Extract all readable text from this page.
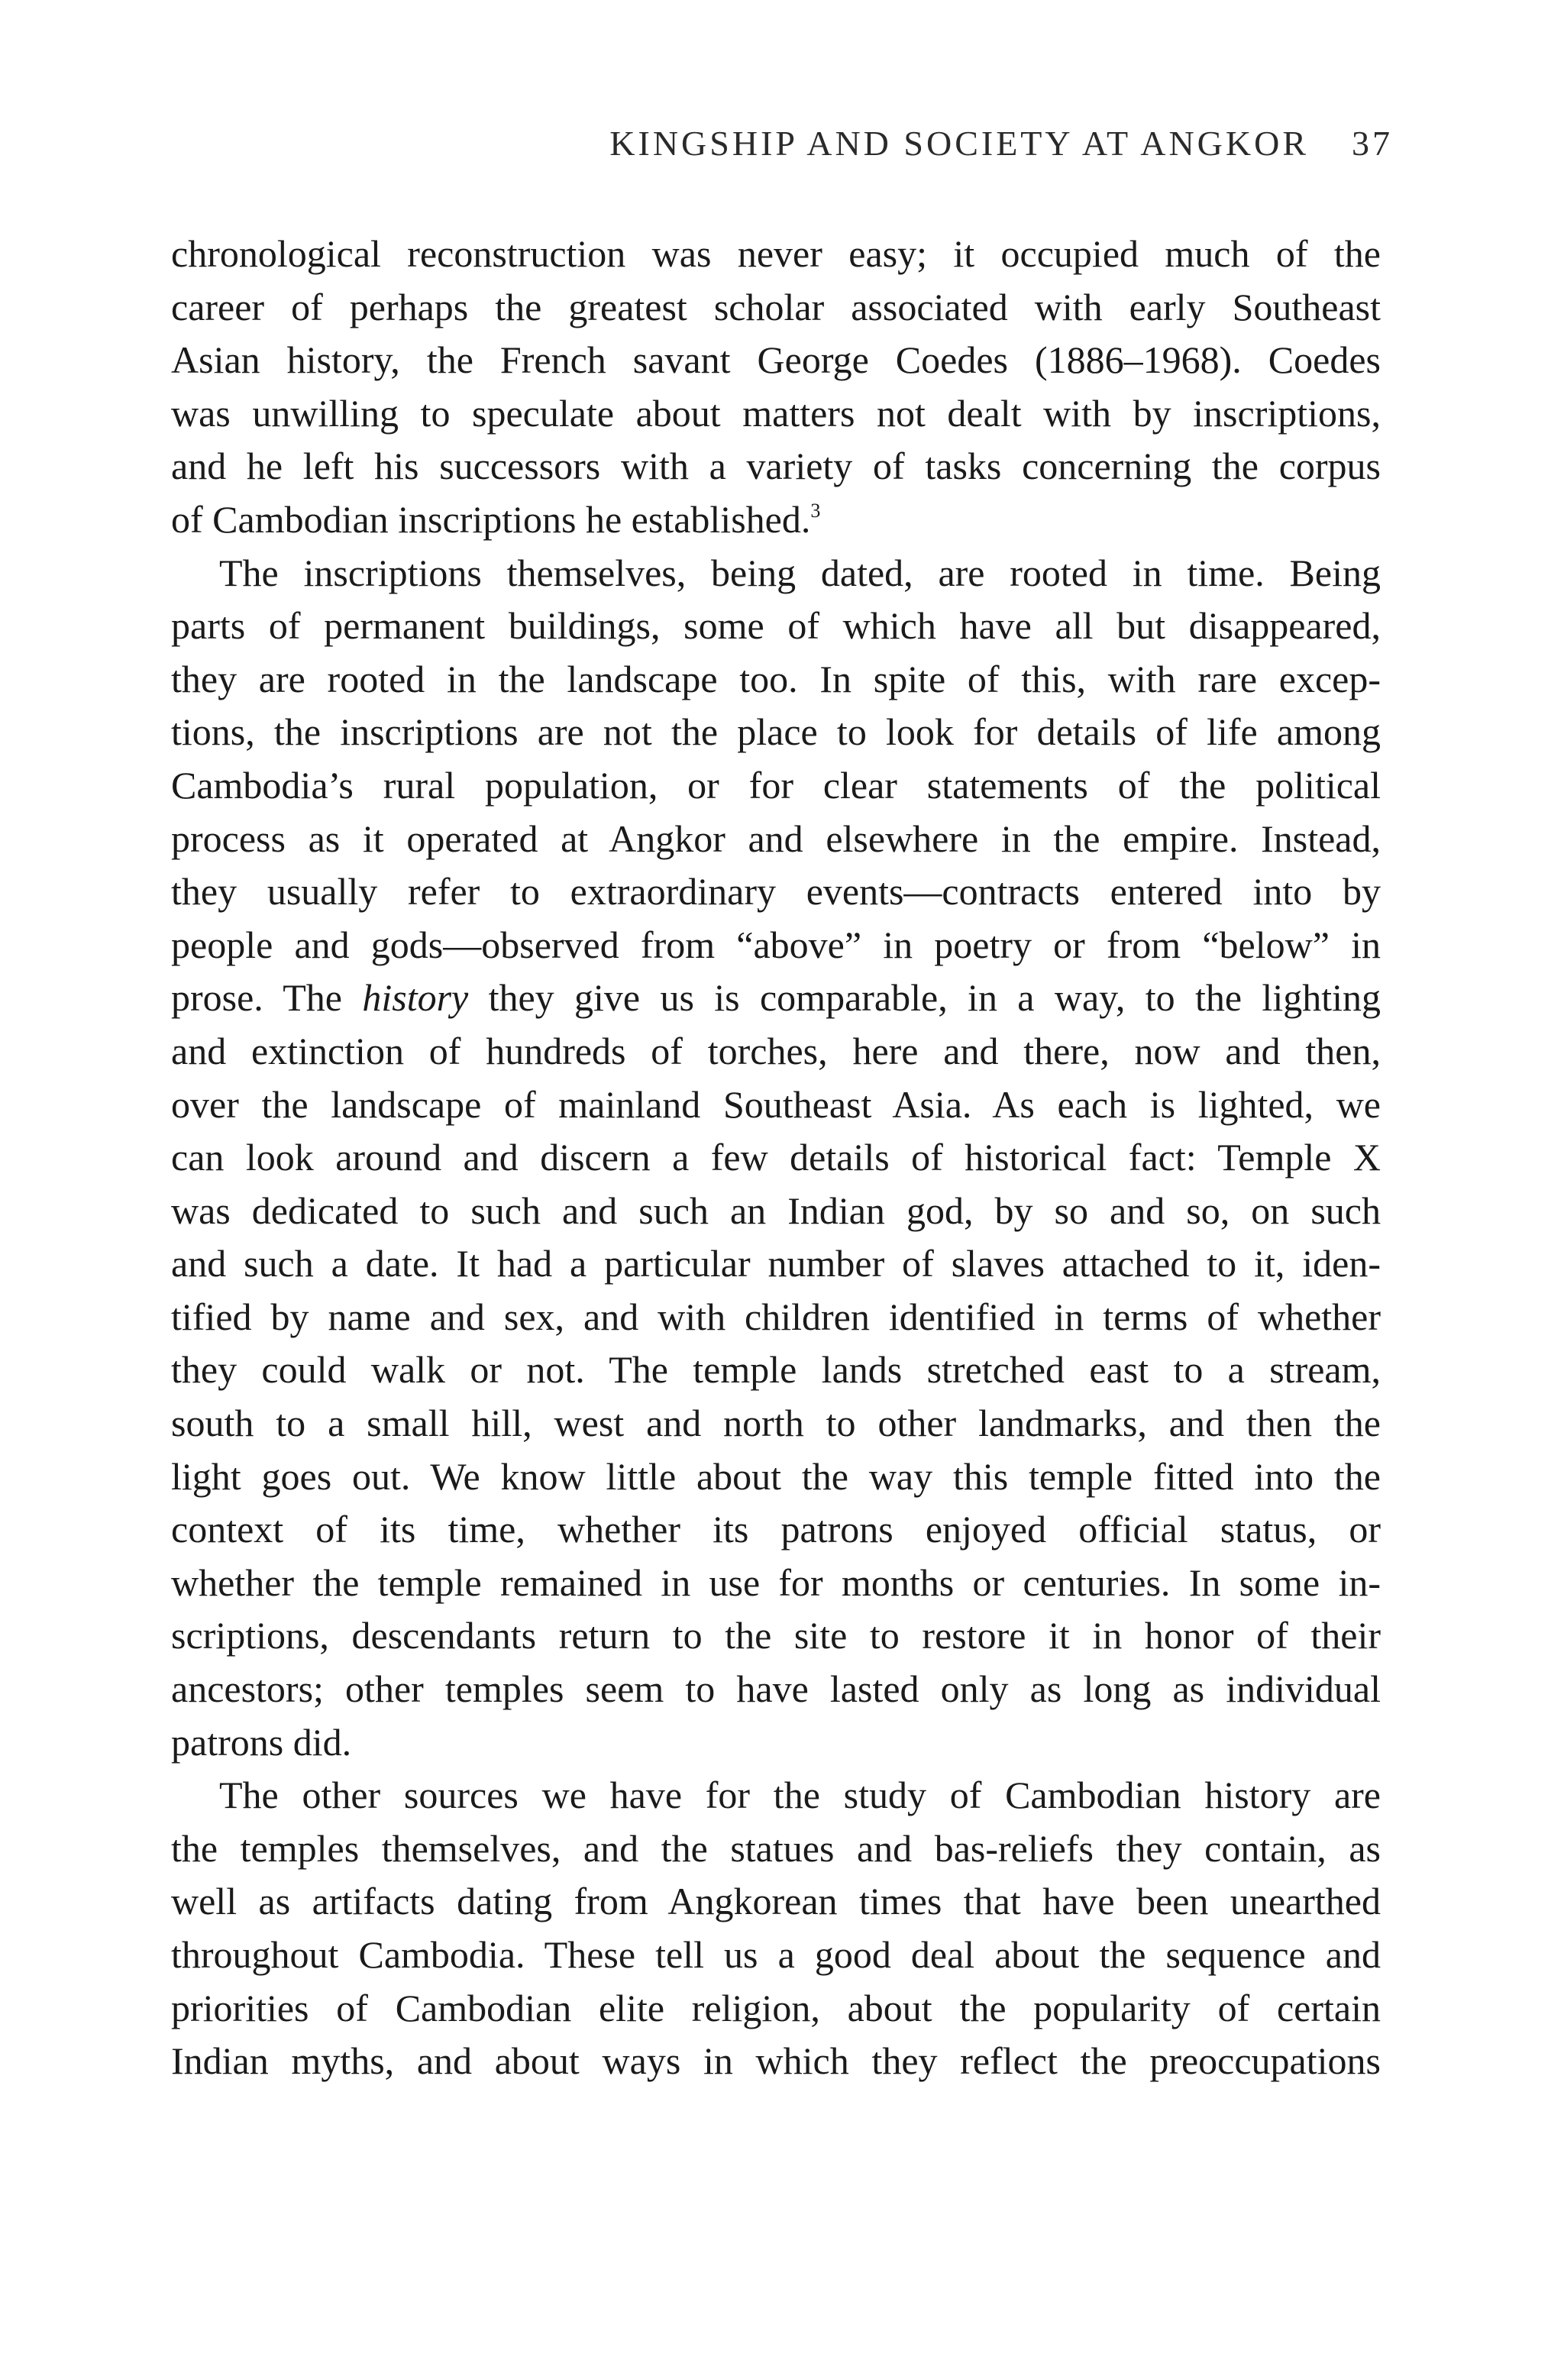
KINGSHIP AND SOCIETY AT ANGKOR 37
chronological reconstruction was never easy; it occupied much of the
career of perhaps the greatest scholar associated with early Southeast
Asian history, the French savant George Coedes (1886–1968). Coedes
was unwilling to speculate about matters not dealt with by inscriptions,
and he left his successors with a variety of tasks concerning the corpus
of Cambodian inscriptions he established.$^3$
The inscriptions themselves, being dated, are rooted in time. Being
parts of permanent buildings, some of which have all but disappeared,
they are rooted in the landscape too. In spite of this, with rare excep-
tions, the inscriptions are not the place to look for details of life among
Cambodia’s rural population, or for clear statements of the political
process as it operated at Angkor and elsewhere in the empire. Instead,
they usually refer to extraordinary events—contracts entered into by
people and gods—observed from “above” in poetry or from “below” in
prose. The history they give us is comparable, in a way, to the lighting
and extinction of hundreds of torches, here and there, now and then,
over the landscape of mainland Southeast Asia. As each is lighted, we
can look around and discern a few details of historical fact: Temple X
was dedicated to such and such an Indian god, by so and so, on such
and such a date. It had a particular number of slaves attached to it, iden-
tified by name and sex, and with children identified in terms of whether
they could walk or not. The temple lands stretched east to a stream,
south to a small hill, west and north to other landmarks, and then the
light goes out. We know little about the way this temple fitted into the
context of its time, whether its patrons enjoyed official status, or
whether the temple remained in use for months or centuries. In some in-
scriptions, descendants return to the site to restore it in honor of their
ancestors; other temples seem to have lasted only as long as individual
patrons did.
The other sources we have for the study of Cambodian history are
the temples themselves, and the statues and bas-reliefs they contain, as
well as artifacts dating from Angkorean times that have been unearthed
throughout Cambodia. These tell us a good deal about the sequence and
priorities of Cambodian elite religion, about the popularity of certain
Indian myths, and about ways in which they reflect the preoccupations
